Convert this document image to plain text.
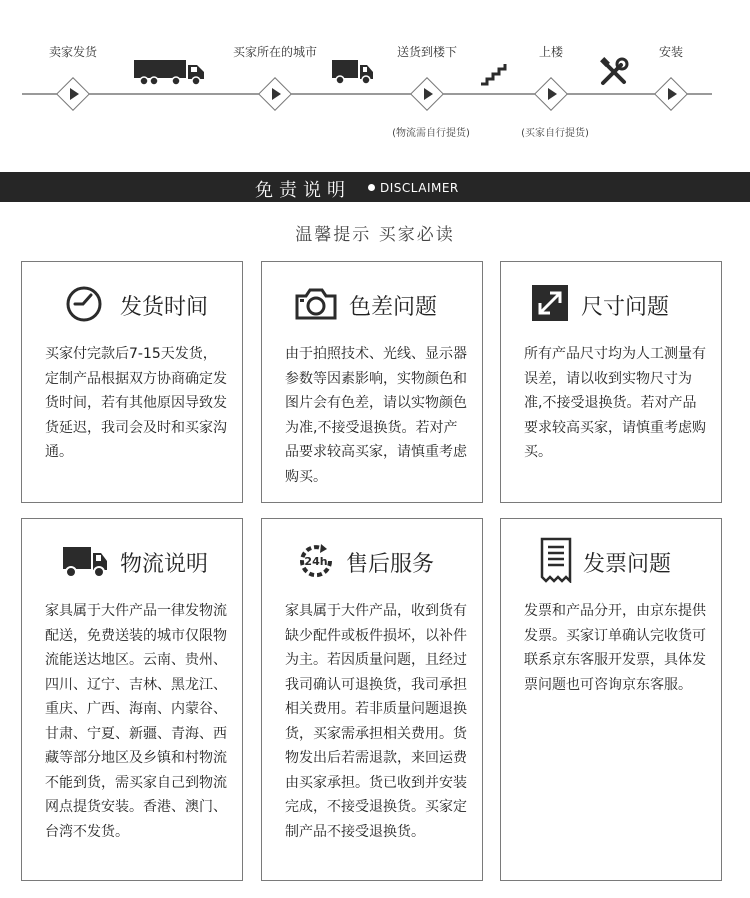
卖家发货	买家所在的城市	送货到楼下
(物流需自行提货)
上楼
(买家自行提货)
安装
免责说明 DISCLAIMER
温馨提示 买家必读
发货时间
买家付完款后7-15天发货，定制产品根据双方协商确定发货时间，若有其他原因导致发货延迟，我司会及时和买家沟通。
色差问题
由于拍照技术、光线、显示器参数等因素影响，实物颜色和图片会有色差，请以实物颜色为准,不接受退换货。若对产品要求较高买家，请慎重考虑购买。
尺寸问题
所有产品尺寸均为人工测量有误差，请以收到实物尺寸为准,不接受退换货。若对产品要求较高买家，请慎重考虑购买。
物流说明
家具属于大件产品一律发物流配送，免费送装的城市仅限物流能送达地区。云南、贵州、四川、辽宁、吉林、黑龙江、重庆、广西、海南、内蒙谷、甘肃、宁夏、新疆、青海、西藏等部分地区及乡镇和村物流不能到货，需买家自己到物流网点提货安装。香港、澳门、台湾不发货。
24h 售后服务
家具属于大件产品，收到货有缺少配件或板件损坏，以补件为主。若因质量问题，且经过我司确认可退换货，我司承担相关费用。若非质量问题退换货，买家需承担相关费用。货物发出后若需退款，来回运费由买家承担。货已收到并安装完成，不接受退换货。买家定制产品不接受退换货。
发票问题
发票和产品分开，由京东提供发票。买家订单确认完收货可联系京东客服开发票，具体发票问题也可咨询京东客服。
